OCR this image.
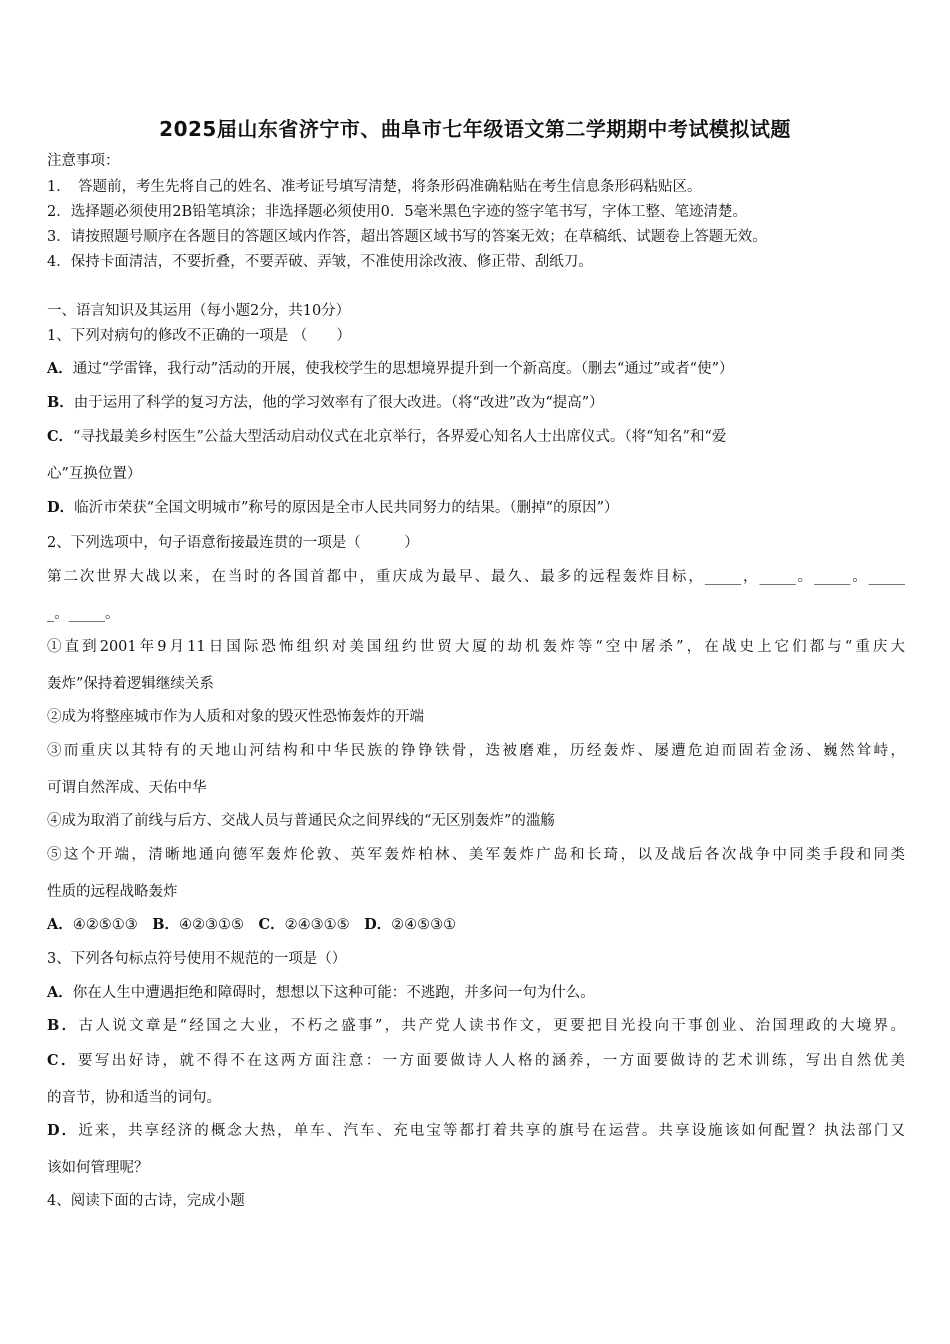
2025届山东省济宁市、曲阜市七年级语文第二学期期中考试模拟试题
注意事项：
1．　答题前，考生先将自己的姓名、准考证号填写清楚，将条形码准确粘贴在考生信息条形码粘贴区。
2．选择题必须使用2B铅笔填涂；非选择题必须使用0．5毫米黑色字迹的签字笔书写，字体工整、笔迹清楚。
3．请按照题号顺序在各题目的答题区域内作答，超出答题区域书写的答案无效；在草稿纸、试题卷上答题无效。
4．保持卡面清洁，不要折叠，不要弄破、弄皱，不准使用涂改液、修正带、刮纸刀。
一、语言知识及其运用（每小题2分，共10分）
1、下列对病句的修改不正确的一项是 （　　）
A．通过“学雷锋，我行动”活动的开展，使我校学生的思想境界提升到一个新高度。（删去“通过”或者“使”）
B．由于运用了科学的复习方法，他的学习效率有了很大改进。（将“改进”改为“提高”）
C．“寻找最美乡村医生”公益大型活动启动仪式在北京举行，各界爱心知名人士出席仪式。（将“知名”和“爱
心”互换位置）
D．临沂市荣获“全国文明城市”称号的原因是全市人民共同努力的结果。（删掉“的原因”）
2、下列选项中，句子语意衔接最连贯的一项是（　　　）
第二次世界大战以来，在当时的各国首都中，重庆成为最早、最久、最多的远程轰炸目标，_____，_____。_____。_____
_。_____。
①直到2001年9月11日国际恐怖组织对美国纽约世贸大厦的劫机轰炸等“空中屠杀”，在战史上它们都与“重庆大
轰炸”保持着逻辑继续关系
②成为将整座城市作为人质和对象的毁灭性恐怖轰炸的开端
③而重庆以其特有的天地山河结构和中华民族的铮铮铁骨，迭被磨难，历经轰炸、屡遭危迫而固若金汤、巍然耸峙，
可谓自然浑成、天佑中华
④成为取消了前线与后方、交战人员与普通民众之间界线的“无区别轰炸”的滥觞
⑤这个开端，清晰地通向德军轰炸伦敦、英军轰炸柏林、美军轰炸广岛和长琦，以及战后各次战争中同类手段和同类
性质的远程战略轰炸
A．④②⑤①③  B．④②③①⑤  C．②④③①⑤  D．②④⑤③①
3、下列各句标点符号使用不规范的一项是（）
A．你在人生中遭遇拒绝和障碍时，想想以下这种可能：不逃跑，并多问一句为什么。
B．古人说文章是“经国之大业，不朽之盛事”，共产党人读书作文，更要把目光投向干事创业、治国理政的大境界。
C．要写出好诗，就不得不在这两方面注意：一方面要做诗人人格的涵养，一方面要做诗的艺术训练，写出自然优美
的音节，协和适当的词句。
D．近来，共享经济的概念大热，单车、汽车、充电宝等都打着共享的旗号在运营。共享设施该如何配置？执法部门又
该如何管理呢？
4、阅读下面的古诗，完成小题
